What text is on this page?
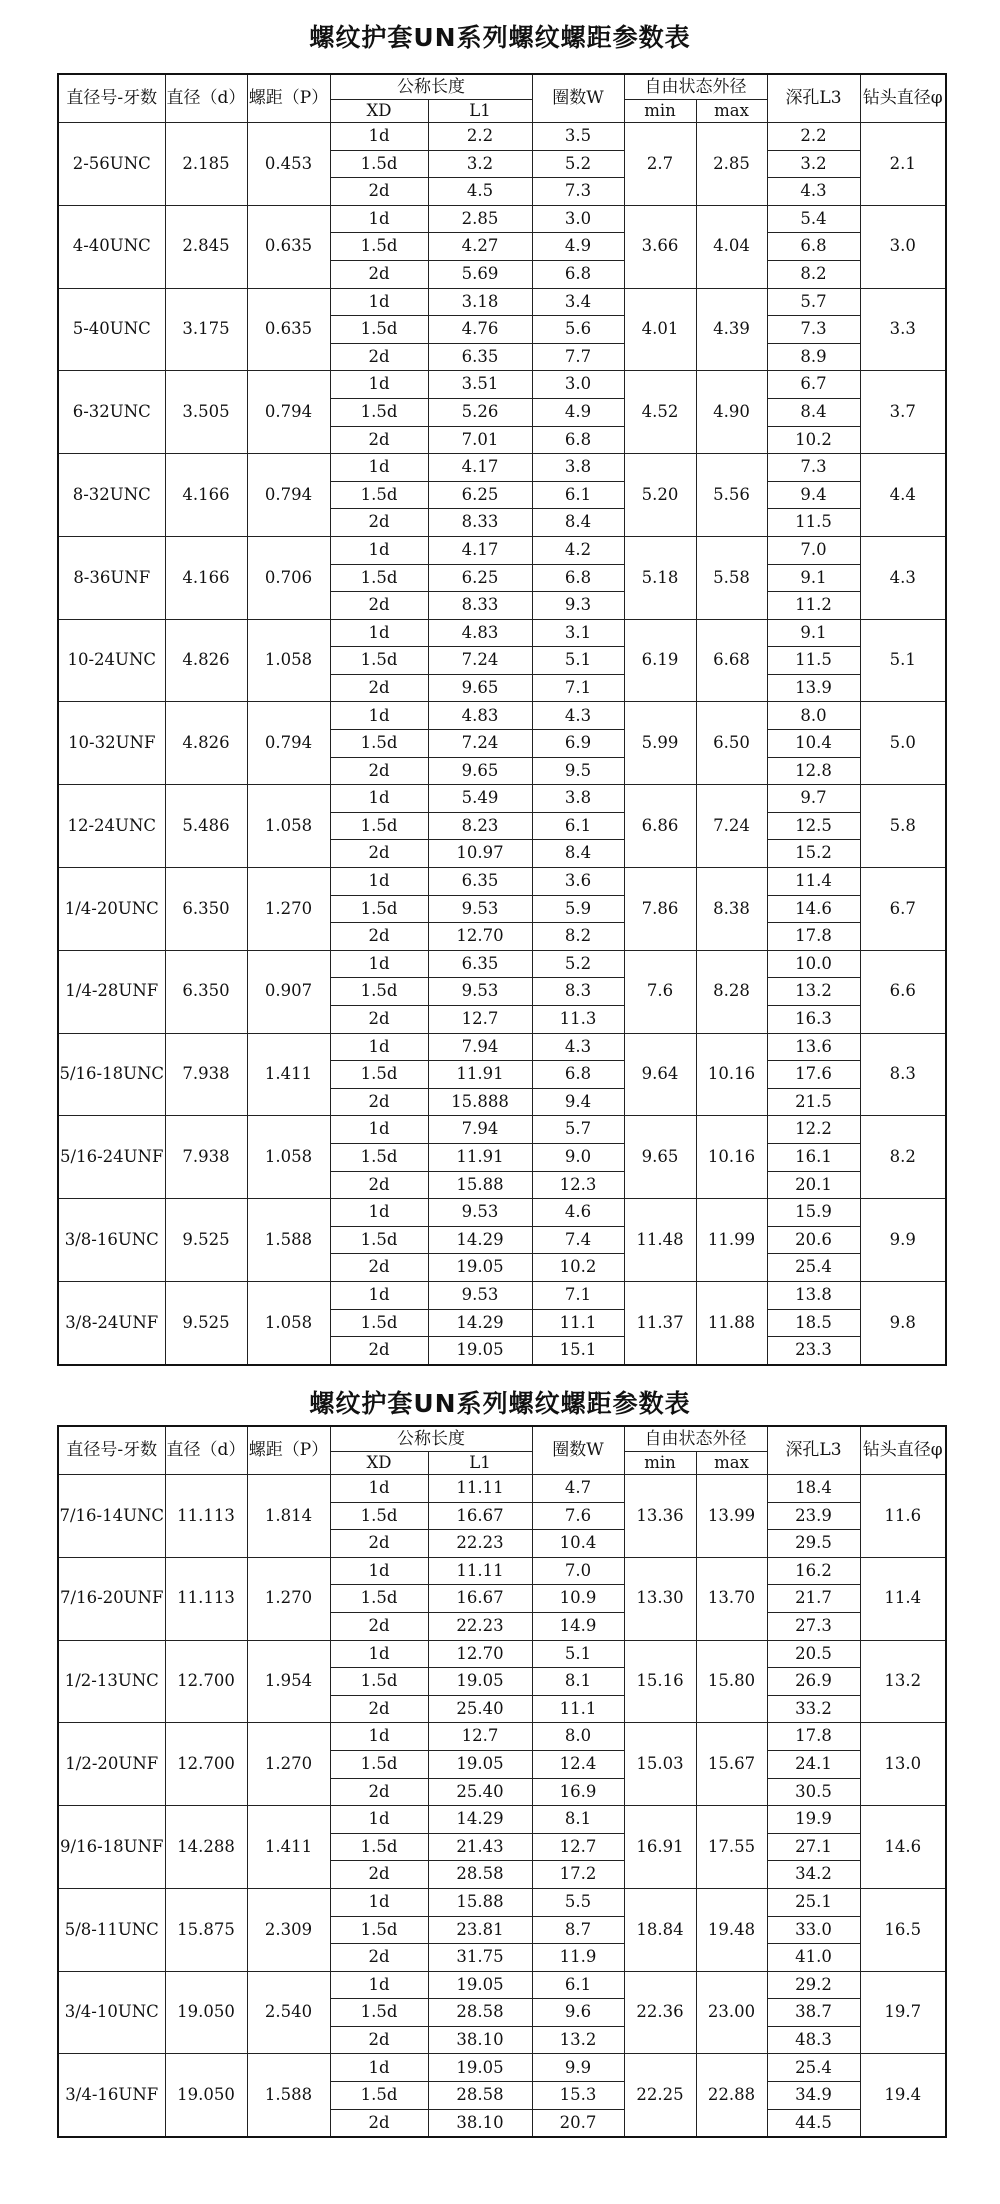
螺纹护套UN系列螺纹螺距参数表
直径号-牙数	直径（d）	螺距（P）	公称长度		圈数W	自由状态外径		深孔L3	钻头直径φ
			XD	L1		min	max		
2-56UNC	2.185	0.453	1d	2.2	3.5	2.7	2.85	2.2	2.1
			1.5d	3.2	5.2			3.2	
			2d	4.5	7.3			4.3	
4-40UNC	2.845	0.635	1d	2.85	3.0	3.66	4.04	5.4	3.0
			1.5d	4.27	4.9			6.8	
			2d	5.69	6.8			8.2	
5-40UNC	3.175	0.635	1d	3.18	3.4	4.01	4.39	5.7	3.3
			1.5d	4.76	5.6			7.3	
			2d	6.35	7.7			8.9	
6-32UNC	3.505	0.794	1d	3.51	3.0	4.52	4.90	6.7	3.7
			1.5d	5.26	4.9			8.4	
			2d	7.01	6.8			10.2	
8-32UNC	4.166	0.794	1d	4.17	3.8	5.20	5.56	7.3	4.4
			1.5d	6.25	6.1			9.4	
			2d	8.33	8.4			11.5	
8-36UNF	4.166	0.706	1d	4.17	4.2	5.18	5.58	7.0	4.3
			1.5d	6.25	6.8			9.1	
			2d	8.33	9.3			11.2	
10-24UNC	4.826	1.058	1d	4.83	3.1	6.19	6.68	9.1	5.1
			1.5d	7.24	5.1			11.5	
			2d	9.65	7.1			13.9	
10-32UNF	4.826	0.794	1d	4.83	4.3	5.99	6.50	8.0	5.0
			1.5d	7.24	6.9			10.4	
			2d	9.65	9.5			12.8	
12-24UNC	5.486	1.058	1d	5.49	3.8	6.86	7.24	9.7	5.8
			1.5d	8.23	6.1			12.5	
			2d	10.97	8.4			15.2	
1/4-20UNC	6.350	1.270	1d	6.35	3.6	7.86	8.38	11.4	6.7
			1.5d	9.53	5.9			14.6	
			2d	12.70	8.2			17.8	
1/4-28UNF	6.350	0.907	1d	6.35	5.2	7.6	8.28	10.0	6.6
			1.5d	9.53	8.3			13.2	
			2d	12.7	11.3			16.3	
5/16-18UNC	7.938	1.411	1d	7.94	4.3	9.64	10.16	13.6	8.3
			1.5d	11.91	6.8			17.6	
			2d	15.888	9.4			21.5	
5/16-24UNF	7.938	1.058	1d	7.94	5.7	9.65	10.16	12.2	8.2
			1.5d	11.91	9.0			16.1	
			2d	15.88	12.3			20.1	
3/8-16UNC	9.525	1.588	1d	9.53	4.6	11.48	11.99	15.9	9.9
			1.5d	14.29	7.4			20.6	
			2d	19.05	10.2			25.4	
3/8-24UNF	9.525	1.058	1d	9.53	7.1	11.37	11.88	13.8	9.8
			1.5d	14.29	11.1			18.5	
			2d	19.05	15.1			23.3	
螺纹护套UN系列螺纹螺距参数表
直径号-牙数	直径（d）	螺距（P）	公称长度		圈数W	自由状态外径		深孔L3	钻头直径φ
			XD	L1		min	max		
7/16-14UNC	11.113	1.814	1d	11.11	4.7	13.36	13.99	18.4	11.6
			1.5d	16.67	7.6			23.9	
			2d	22.23	10.4			29.5	
7/16-20UNF	11.113	1.270	1d	11.11	7.0	13.30	13.70	16.2	11.4
			1.5d	16.67	10.9			21.7	
			2d	22.23	14.9			27.3	
1/2-13UNC	12.700	1.954	1d	12.70	5.1	15.16	15.80	20.5	13.2
			1.5d	19.05	8.1			26.9	
			2d	25.40	11.1			33.2	
1/2-20UNF	12.700	1.270	1d	12.7	8.0	15.03	15.67	17.8	13.0
			1.5d	19.05	12.4			24.1	
			2d	25.40	16.9			30.5	
9/16-18UNF	14.288	1.411	1d	14.29	8.1	16.91	17.55	19.9	14.6
			1.5d	21.43	12.7			27.1	
			2d	28.58	17.2			34.2	
5/8-11UNC	15.875	2.309	1d	15.88	5.5	18.84	19.48	25.1	16.5
			1.5d	23.81	8.7			33.0	
			2d	31.75	11.9			41.0	
3/4-10UNC	19.050	2.540	1d	19.05	6.1	22.36	23.00	29.2	19.7
			1.5d	28.58	9.6			38.7	
			2d	38.10	13.2			48.3	
3/4-16UNF	19.050	1.588	1d	19.05	9.9	22.25	22.88	25.4	19.4
			1.5d	28.58	15.3			34.9	
			2d	38.10	20.7			44.5	
